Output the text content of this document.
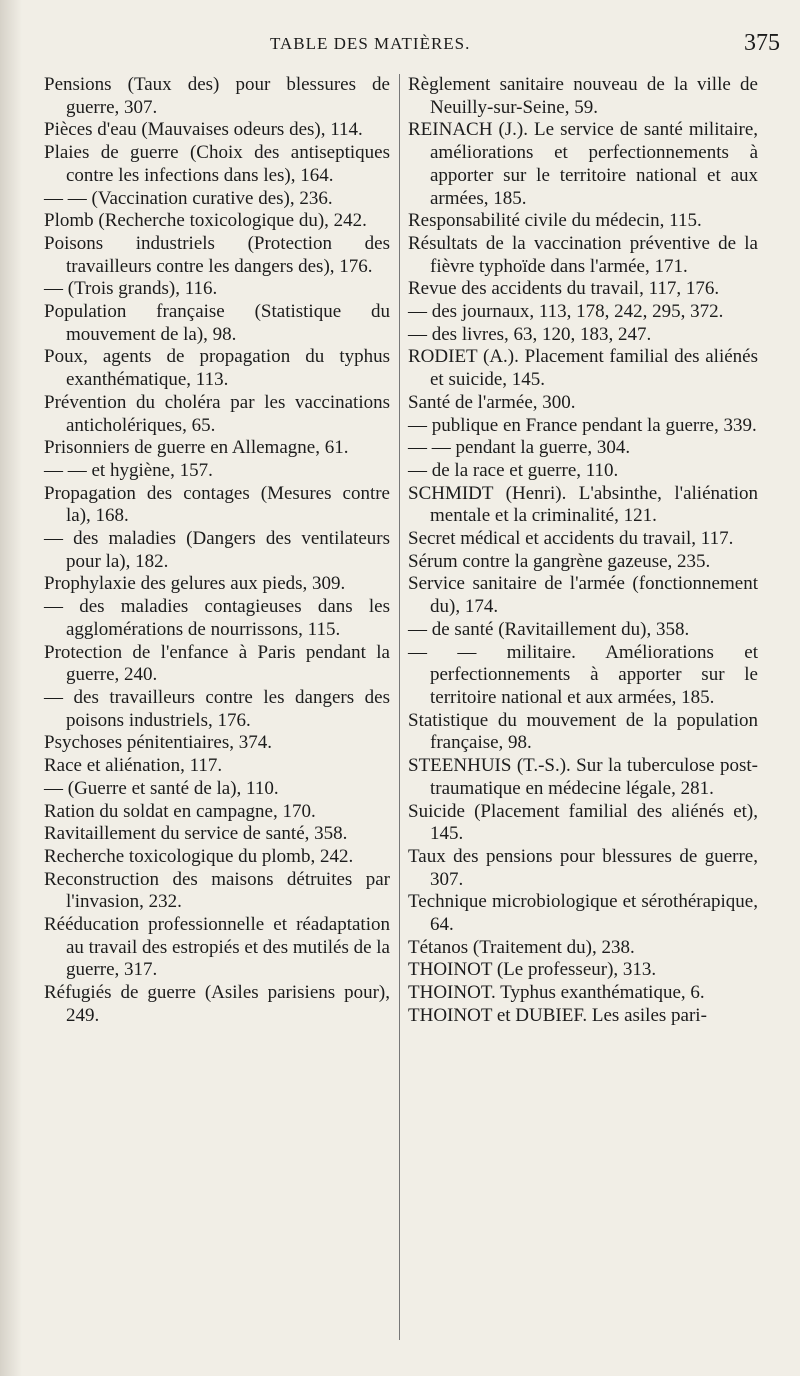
TABLE DES MATIÈRES.	375

Pensions (Taux des) pour blessures de guerre, 307.

Pièces d'eau (Mauvaises odeurs des), 114.

Plaies de guerre (Choix des antiseptiques contre les infections dans les), 164.

— — (Vaccination curative des), 236.

Plomb (Recherche toxicologique du), 242.

Poisons industriels (Protection des travailleurs contre les dangers des), 176.

— (Trois grands), 116.

Population française (Statistique du mouvement de la), 98.

Poux, agents de propagation du typhus exanthématique, 113.

Prévention du choléra par les vaccinations anticholériques, 65.

Prisonniers de guerre en Allemagne, 61.

— — et hygiène, 157.

Propagation des contages (Mesures contre la), 168.

— des maladies (Dangers des ventilateurs pour la), 182.

Prophylaxie des gelures aux pieds, 309.

— des maladies contagieuses dans les agglomérations de nourrissons, 115.

Protection de l'enfance à Paris pendant la guerre, 240.

— des travailleurs contre les dangers des poisons industriels, 176.

Psychoses pénitentiaires, 374.

Race et aliénation, 117.

— (Guerre et santé de la), 110.

Ration du soldat en campagne, 170.

Ravitaillement du service de santé, 358.

Recherche toxicologique du plomb, 242.

Reconstruction des maisons détruites par l'invasion, 232.

Rééducation professionnelle et réadaptation au travail des estropiés et des mutilés de la guerre, 317.

Réfugiés de guerre (Asiles parisiens pour), 249.

Règlement sanitaire nouveau de la ville de Neuilly-sur-Seine, 59.

REINACH (J.). Le service de santé militaire, améliorations et perfectionnements à apporter sur le territoire national et aux armées, 185.

Responsabilité civile du médecin, 115.

Résultats de la vaccination préventive de la fièvre typhoïde dans l'armée, 171.

Revue des accidents du travail, 117, 176.

— des journaux, 113, 178, 242, 295, 372.

— des livres, 63, 120, 183, 247.

RODIET (A.). Placement familial des aliénés et suicide, 145.

Santé de l'armée, 300.

— publique en France pendant la guerre, 339.

— — pendant la guerre, 304.

— de la race et guerre, 110.

SCHMIDT (Henri). L'absinthe, l'aliénation mentale et la criminalité, 121.

Secret médical et accidents du travail, 117.

Sérum contre la gangrène gazeuse, 235.

Service sanitaire de l'armée (fonctionnement du), 174.

— de santé (Ravitaillement du), 358.

— — militaire. Améliorations et perfectionnements à apporter sur le territoire national et aux armées, 185.

Statistique du mouvement de la population française, 98.

STEENHUIS (T.-S.). Sur la tuberculose post-traumatique en médecine légale, 281.

Suicide (Placement familial des aliénés et), 145.

Taux des pensions pour blessures de guerre, 307.

Technique microbiologique et sérothérapique, 64.

Tétanos (Traitement du), 238.

THOINOT (Le professeur), 313.

THOINOT. Typhus exanthématique, 6.

THOINOT et DUBIEF. Les asiles pari-
